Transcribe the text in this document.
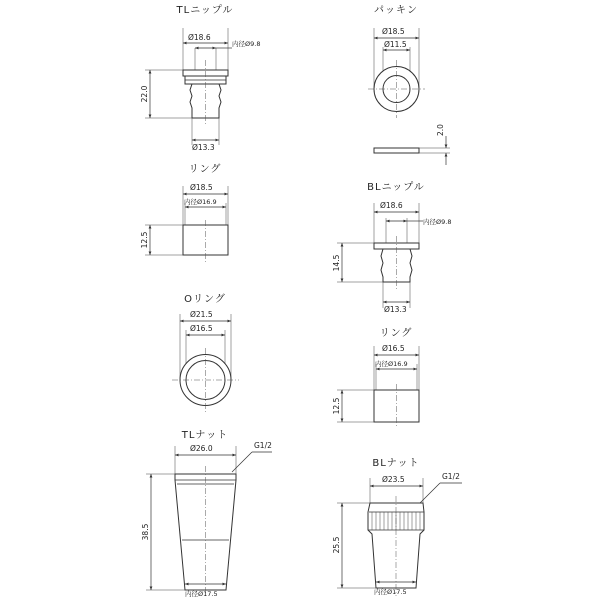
TLニップル
Ø18.6
内径Ø9.8
22.0
Ø13.3
パッキン
Ø18.5
Ø11.5
2.0
リング
Ø18.5
内径Ø16.9
12.5
BLニップル
Ø18.6
内径Ø9.8
14.5
Ø13.3
Oリング
Ø21.5
Ø16.5	リング
Ø16.5
内径Ø16.9
12.5
TLナット
Ø26.0	G1/2
38.5
内径Ø17.5
BLナット
Ø23.5	G1/2
25.5
内径Ø17.5
